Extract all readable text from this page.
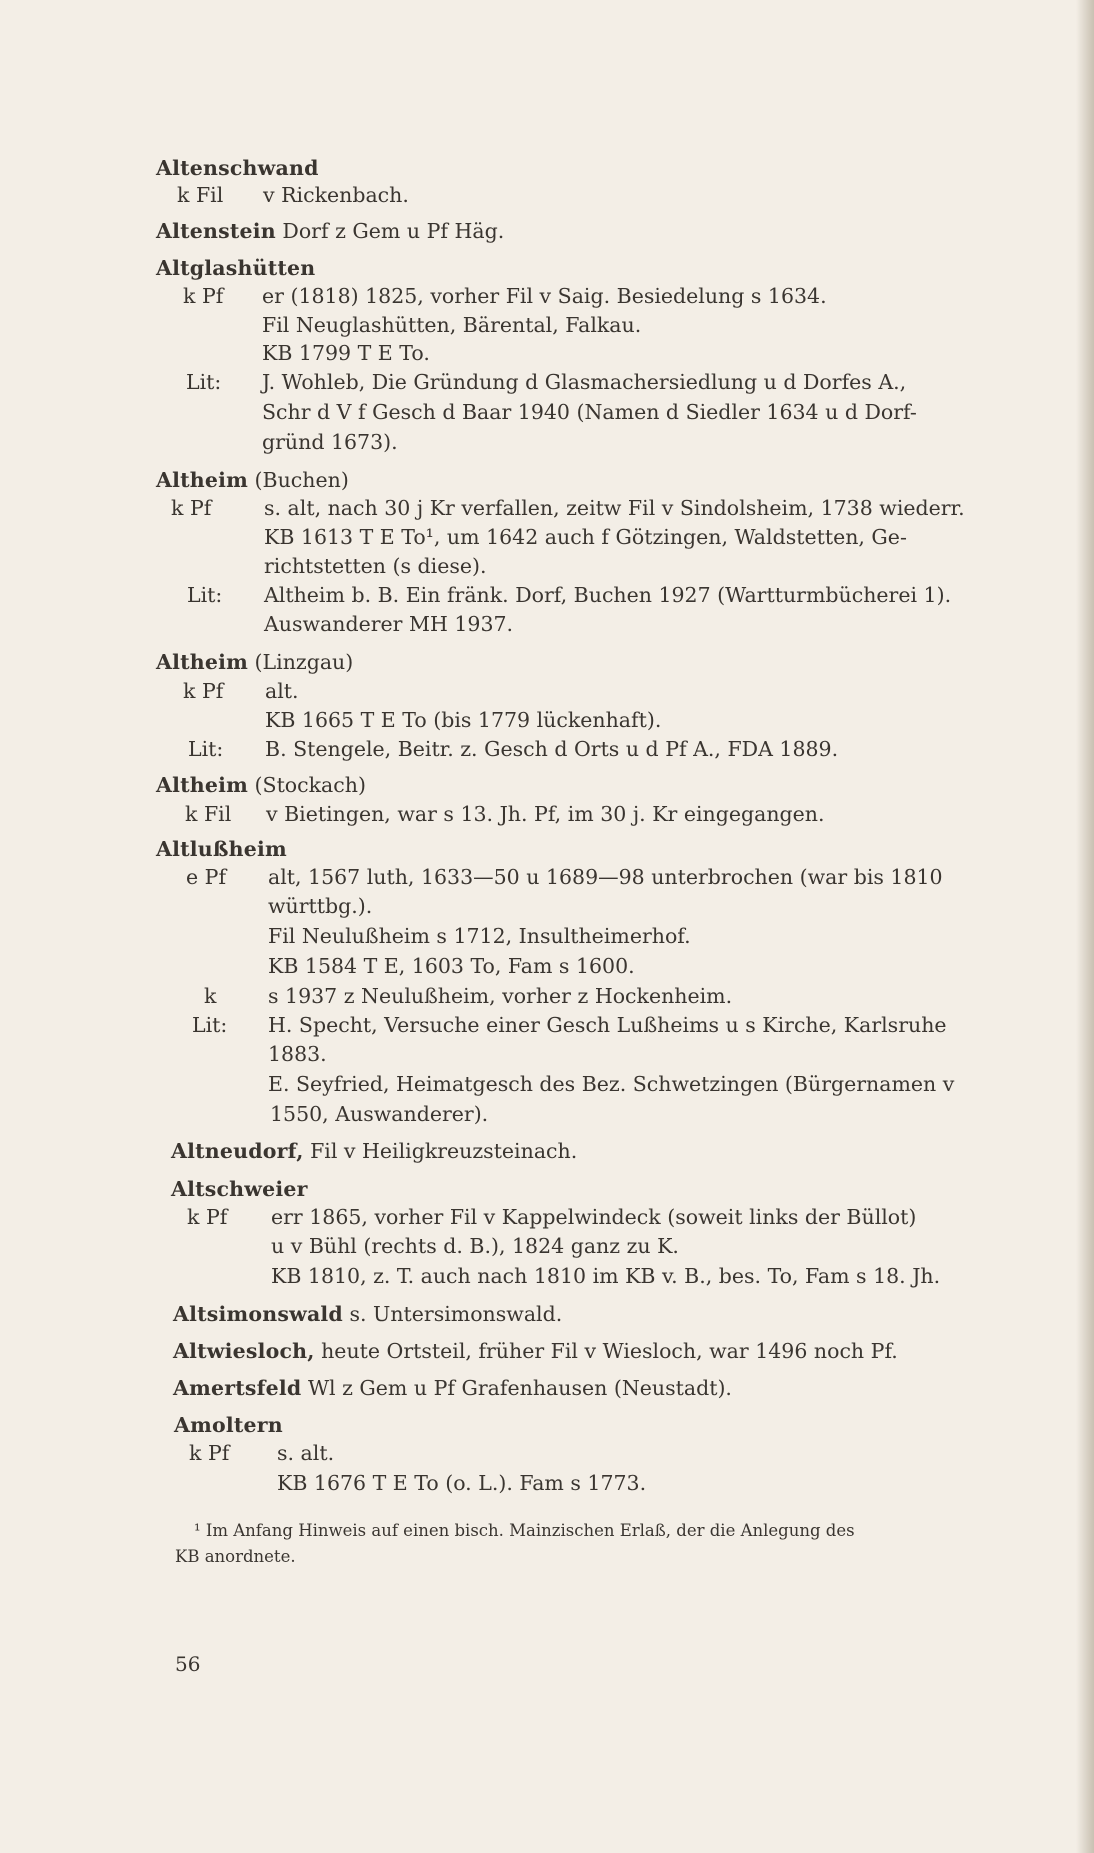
Altenschwand
k Fil v Rickenbach.
Altenstein Dorf z Gem u Pf Häg.
Altglashütten
k Pf er (1818) 1825, vorher Fil v Saig. Besiedelung s 1634.
Fil Neuglashütten, Bärental, Falkau.
KB 1799 T E To.
Lit: J. Wohleb, Die Gründung d Glasmachersiedlung u d Dorfes A.,
Schr d V f Gesch d Baar 1940 (Namen d Siedler 1634 u d Dorf-
gründ 1673).
Altheim (Buchen)
k Pf	s. alt, nach 30 j Kr verfallen, zeitw Fil v Sindolsheim, 1738 wiederr.
KB 1613 T E To¹, um 1642 auch f Götzingen, Waldstetten, Ge-
richtstetten (s diese).
Lit: Altheim b. B. Ein fränk. Dorf, Buchen 1927 (Wartturmbücherei 1).
Auswanderer MH 1937.
Altheim (Linzgau)
k Pf alt.
KB 1665 T E To (bis 1779 lückenhaft).
Lit: B. Stengele, Beitr. z. Gesch d Orts u d Pf A., FDA 1889.
Altheim (Stockach)
k Fil v Bietingen, war s 13. Jh. Pf, im 30 j. Kr eingegangen.
Altlußheim
e Pf alt, 1567 luth, 1633—50 u 1689—98 unterbrochen (war bis 1810
württbg.).
Fil Neulußheim s 1712, Insultheimerhof.
KB 1584 T E, 1603 To, Fam s 1600.
k	s 1937 z Neulußheim, vorher z Hockenheim.
Lit: H. Specht, Versuche einer Gesch Lußheims u s Kirche, Karlsruhe
1883.
E. Seyfried, Heimatgesch des Bez. Schwetzingen (Bürgernamen v
1550, Auswanderer).
Altneudorf, Fil v Heiligkreuzsteinach.
Altschweier
k Pf err 1865, vorher Fil v Kappelwindeck (soweit links der Büllot)
u v Bühl (rechts d. B.), 1824 ganz zu K.
KB 1810, z. T. auch nach 1810 im KB v. B., bes. To, Fam s 18. Jh.
Altsimonswald s. Untersimonswald.
Altwiesloch, heute Ortsteil, früher Fil v Wiesloch, war 1496 noch Pf.
Amertsfeld Wl z Gem u Pf Grafenhausen (Neustadt).
Amoltern
k Pf s. alt.
KB 1676 T E To (o. L.). Fam s 1773.
¹ Im Anfang Hinweis auf einen bisch. Mainzischen Erlaß, der die Anlegung des
KB anordnete.
56
